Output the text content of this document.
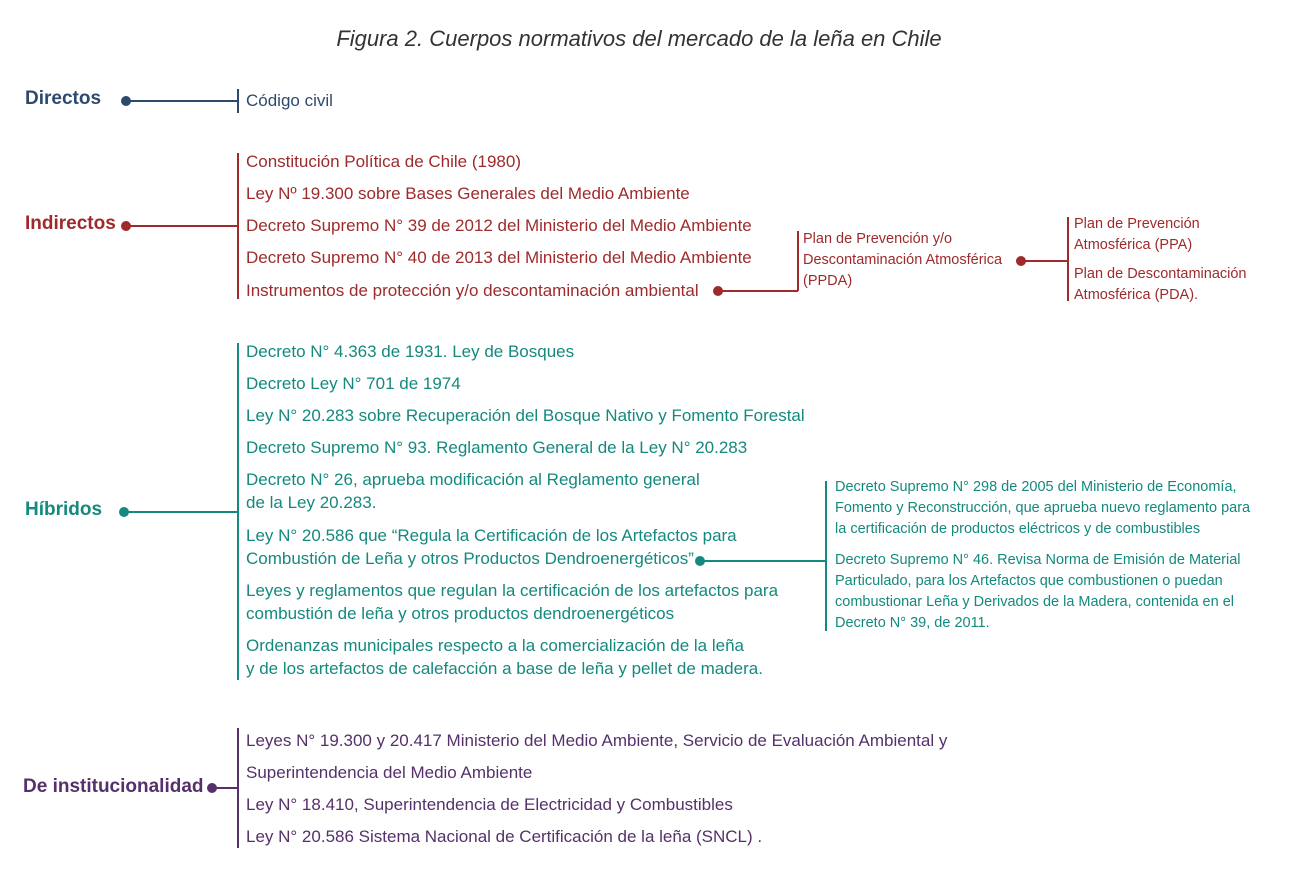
Figura 2. Cuerpos normativos del mercado de la leña en Chile
Directos	Código civil
Indirectos
Constitución Política de Chile (1980)
Ley Nº 19.300 sobre Bases Generales del Medio Ambiente
Decreto Supremo N° 39 de 2012 del Ministerio del Medio Ambiente
Decreto Supremo N° 40 de 2013 del Ministerio del Medio Ambiente
Instrumentos de protección y/o descontaminación ambiental
Plan de Prevención y/o
Descontaminación Atmosférica
(PPDA)
Plan de Prevención
Atmosférica (PPA)
Plan de Descontaminación
Atmosférica (PDA).
Híbridos
Decreto N° 4.363 de 1931. Ley de Bosques
Decreto Ley N° 701 de 1974
Ley N° 20.283 sobre Recuperación del Bosque Nativo y Fomento Forestal
Decreto Supremo N° 93. Reglamento General de la Ley N° 20.283
Decreto N° 26, aprueba modificación al Reglamento general
de la Ley 20.283.
Ley N° 20.586 que “Regula la Certificación de los Artefactos para
Combustión de Leña y otros Productos Dendroenergéticos”
Leyes y reglamentos que regulan la certificación de los artefactos para
combustión de leña y otros productos dendroenergéticos
Ordenanzas municipales respecto a la comercialización de la leña
y de los artefactos de calefacción a base de leña y pellet de madera.
Decreto Supremo N° 298 de 2005 del Ministerio de Economía,
Fomento y Reconstrucción, que aprueba nuevo reglamento para
la certificación de productos eléctricos y de combustibles
Decreto Supremo N° 46. Revisa Norma de Emisión de Material
Particulado, para los Artefactos que combustionen o puedan
combustionar Leña y Derivados de la Madera, contenida en el
Decreto N° 39, de 2011.
De institucionalidad
Leyes N° 19.300 y 20.417 Ministerio del Medio Ambiente, Servicio de Evaluación Ambiental y
Superintendencia del Medio Ambiente
Ley N° 18.410, Superintendencia de Electricidad y Combustibles
Ley N° 20.586 Sistema Nacional de Certificación de la leña (SNCL) .
